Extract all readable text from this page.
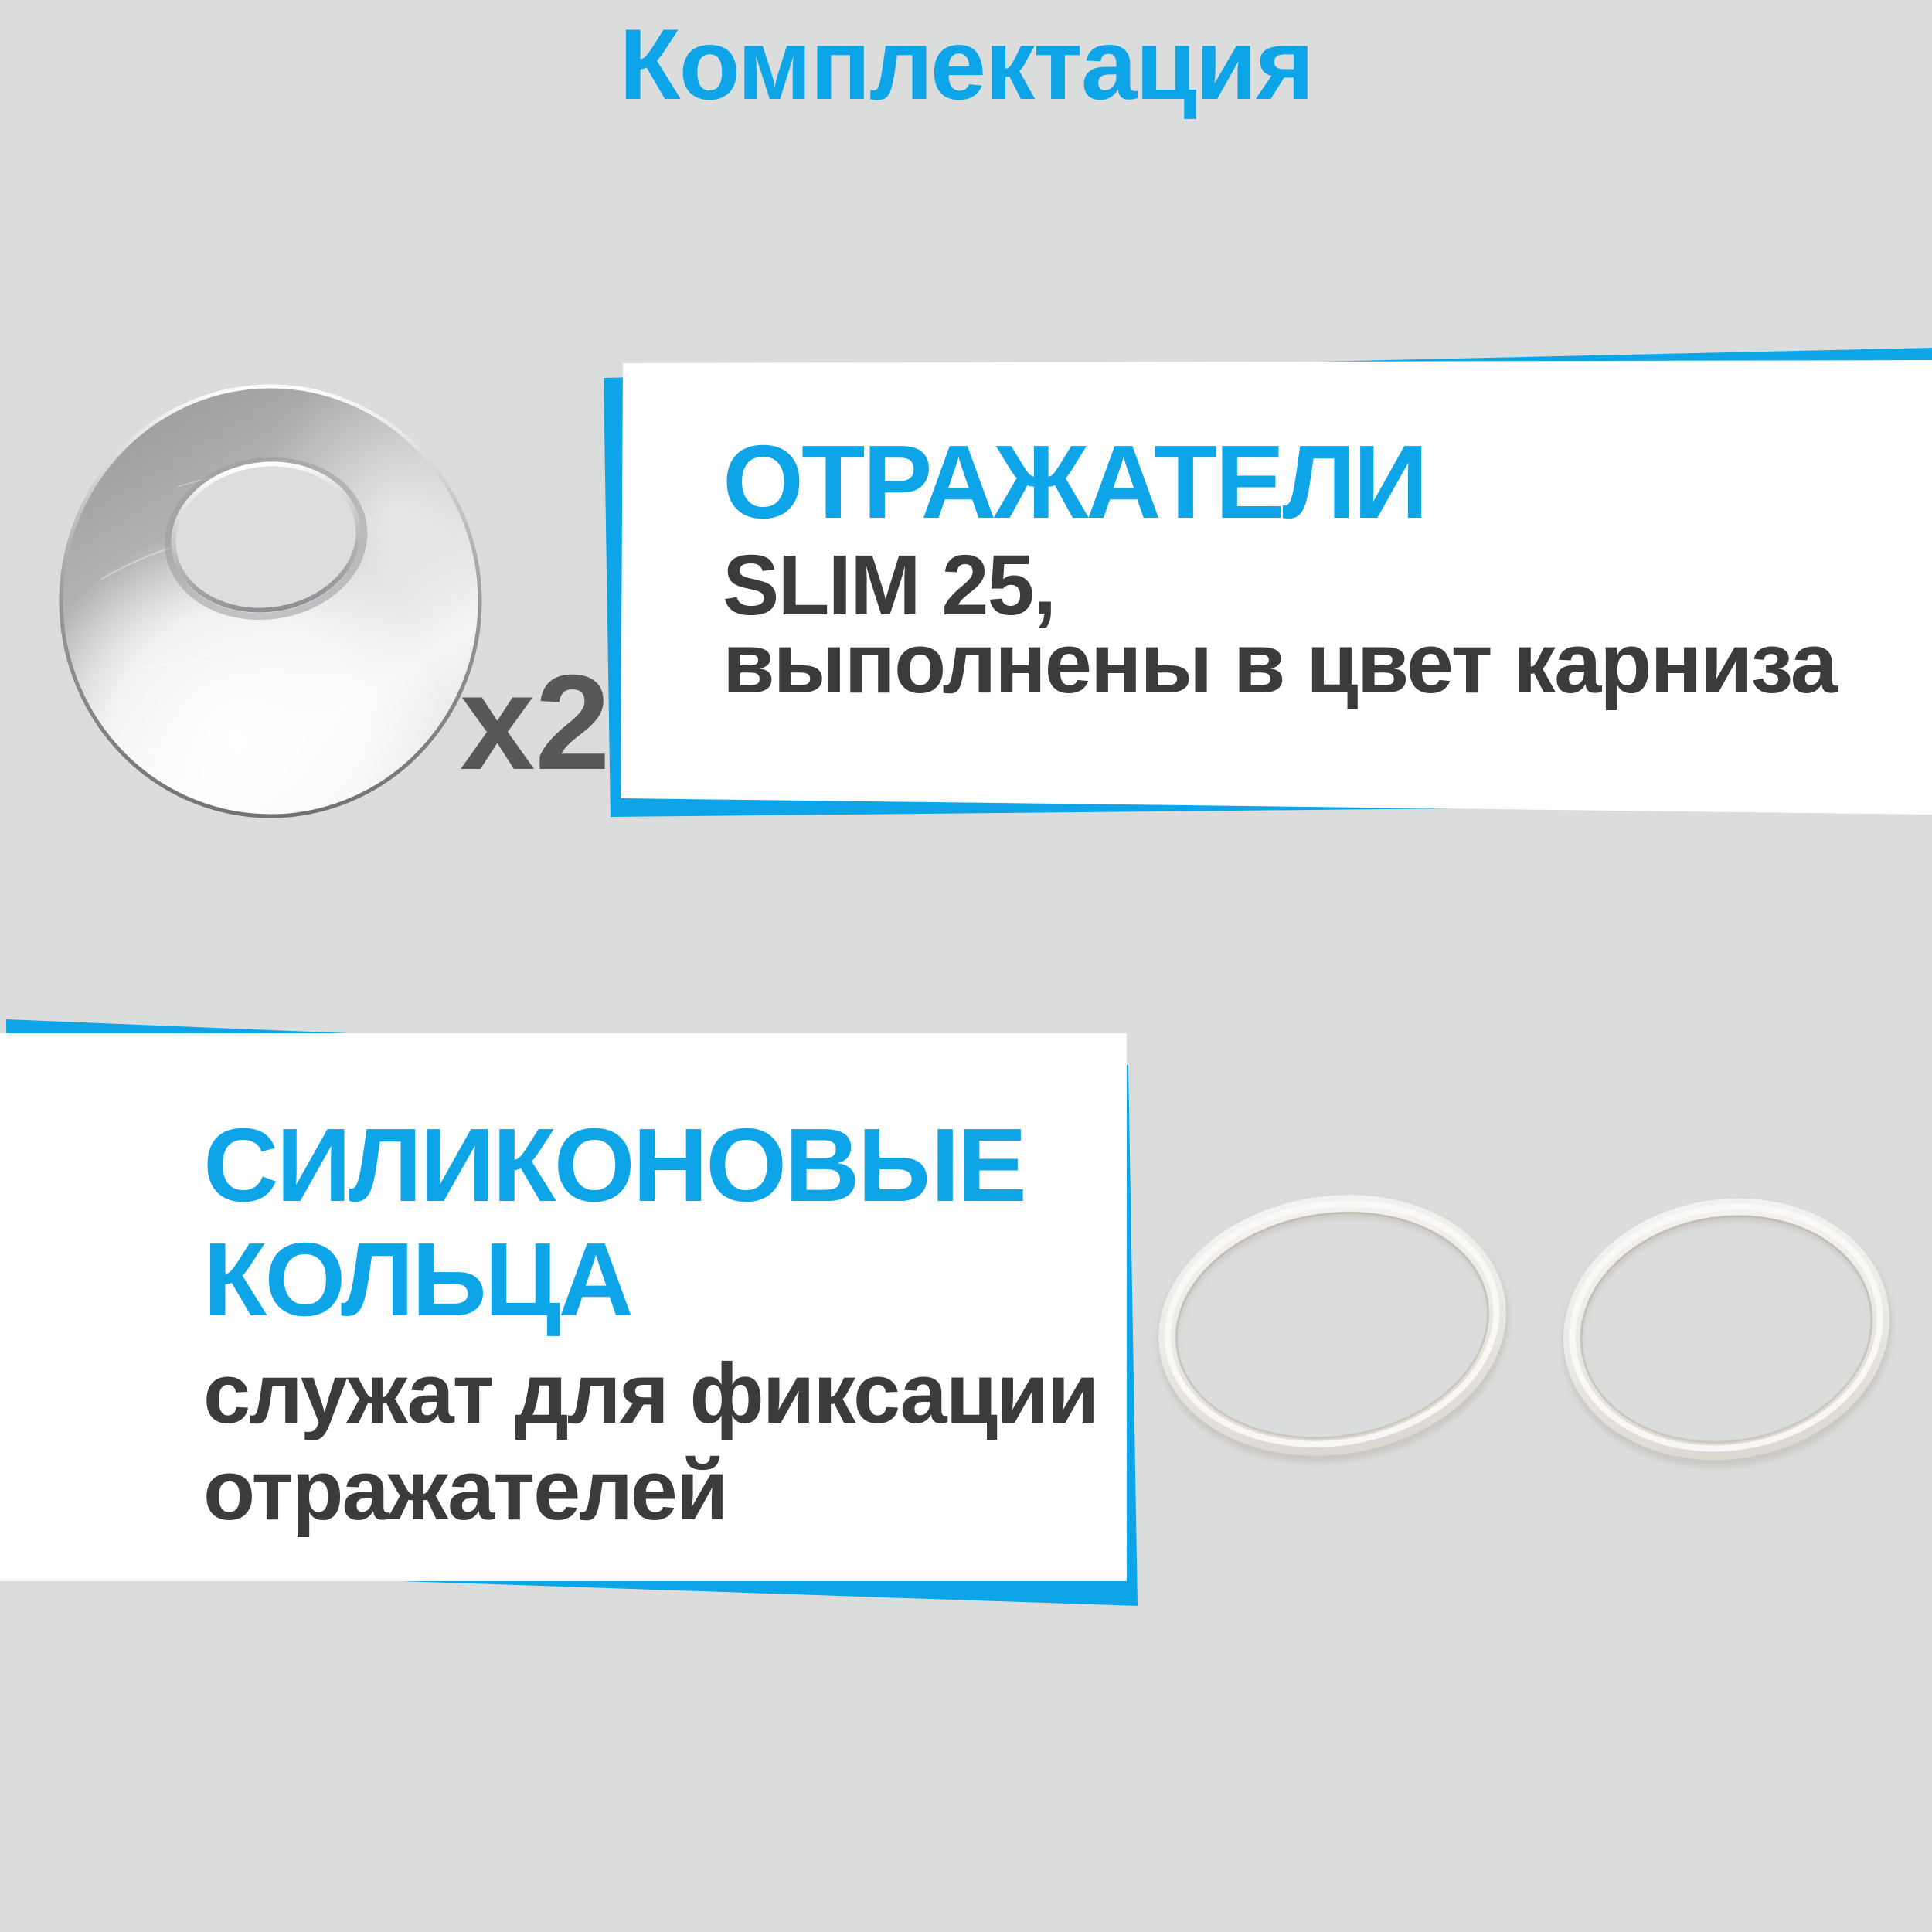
Комплектация
ОТРАЖАТЕЛИ
SLIM 25,
выполнены в цвет карниза
x2
СИЛИКОНОВЫЕ
КОЛЬЦА
служат для фиксации
отражателей
